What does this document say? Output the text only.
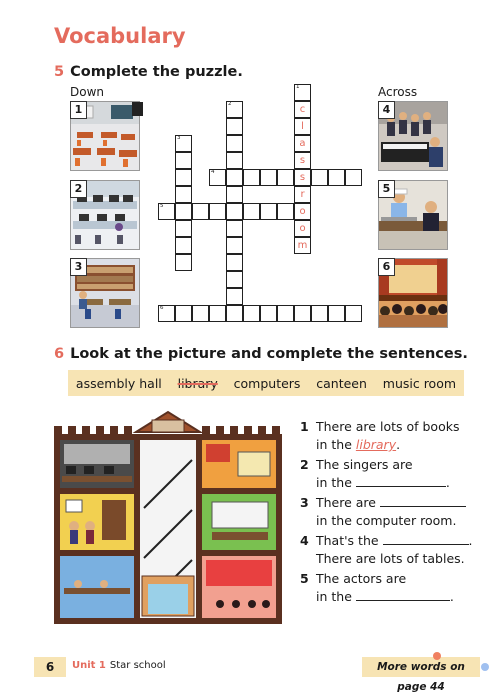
Vocabulary
5 Complete the puzzle.
Down	Across
1
2
3
4
5
6
1
c
l
a
s
s
r
o
o
m
2
3
4
5
6
6 Look at the picture and complete the sentences.
assembly hall library computers canteen music room
1 There are lots of books
in the library.
2 The singers are
in the	.
3 There are
in the computer room.
4 That's the	.
There are lots of tables.
5 The actors are
in the	.
6	Unit 1 Star school	More words on page 44
